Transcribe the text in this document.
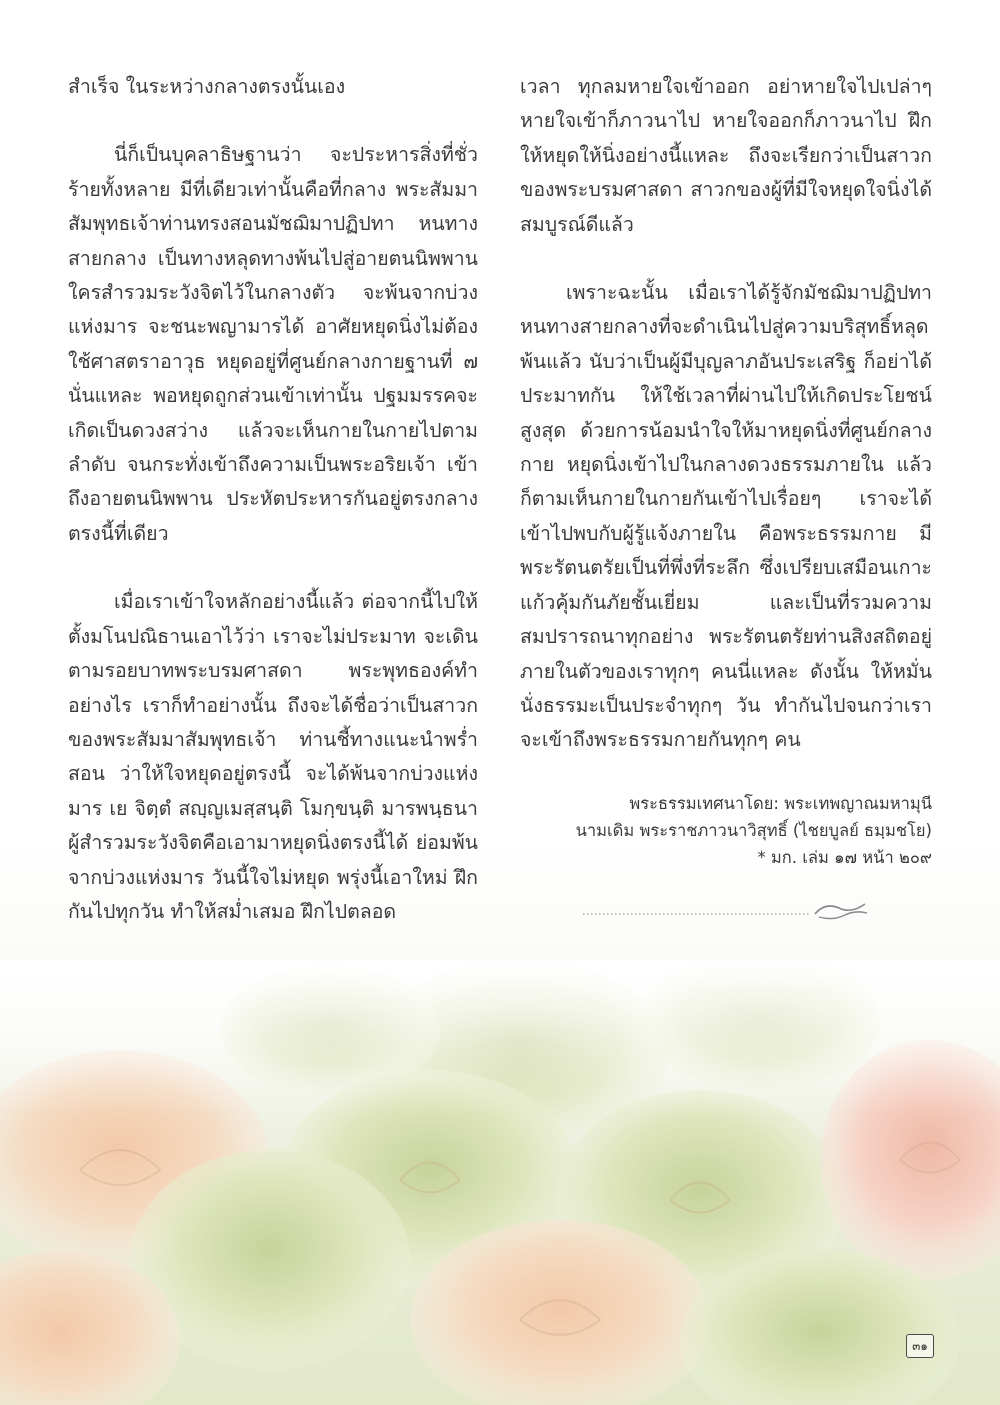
สำเร็จ ในระหว่างกลางตรงนั้นเอง

นี่ก็เป็นบุคลาธิษฐานว่า จะประหารสิ่งที่ชั่วร้ายทั้งหลาย มีที่เดียวเท่านั้นคือที่กลาง พระสัมมาสัมพุทธเจ้าท่านทรงสอนมัชฌิมาปฏิปทา หนทางสายกลาง เป็นทางหลุดทางพ้นไปสู่อายตนนิพพาน ใครสำรวมระวังจิตไว้ในกลางตัว จะพ้นจากบ่วงแห่งมาร จะชนะพญามารได้ อาศัยหยุดนิ่งไม่ต้องใช้ศาสตราอาวุธ หยุดอยู่ที่ศูนย์กลางกายฐานที่ ๗ นั่นแหละ พอหยุดถูกส่วนเข้าเท่านั้น ปฐมมรรคจะเกิดเป็นดวงสว่าง แล้วจะเห็นกายในกายไปตามลำดับ จนกระทั่งเข้าถึงความเป็นพระอริยเจ้า เข้าถึงอายตนนิพพาน ประหัตประหารกันอยู่ตรงกลางตรงนี้ที่เดียว

เมื่อเราเข้าใจหลักอย่างนี้แล้ว ต่อจากนี้ไปให้ตั้งมโนปณิธานเอาไว้ว่า เราจะไม่ประมาท จะเดินตามรอยบาทพระบรมศาสดา พระพุทธองค์ทำอย่างไร เราก็ทำอย่างนั้น ถึงจะได้ชื่อว่าเป็นสาวกของพระสัมมาสัมพุทธเจ้า ท่านชี้ทางแนะนำพร่ำสอน ว่าให้ใจหยุดอยู่ตรงนี้ จะได้พ้นจากบ่วงแห่งมาร เย จิตฺตํ สญฺญเมสฺสนฺติ โมกฺขนฺติ มารพนฺธนา ผู้สำรวมระวังจิตคือเอามาหยุดนิ่งตรงนี้ได้ ย่อมพ้นจากบ่วงแห่งมาร วันนี้ใจไม่หยุด พรุ่งนี้เอาใหม่ ฝึกกันไปทุกวัน ทำให้สม่ำเสมอ ฝึกไปตลอด

เวลา ทุกลมหายใจเข้าออก อย่าหายใจไปเปล่าๆ หายใจเข้าก็ภาวนาไป หายใจออกก็ภาวนาไป ฝึกให้หยุดให้นิ่งอย่างนี้แหละ ถึงจะเรียกว่าเป็นสาวกของพระบรมศาสดา สาวกของผู้ที่มีใจหยุดใจนิ่งได้สมบูรณ์ดีแล้ว

เพราะฉะนั้น เมื่อเราได้รู้จักมัชฌิมาปฏิปทาหนทางสายกลางที่จะดำเนินไปสู่ความบริสุทธิ์หลุดพ้นแล้ว นับว่าเป็นผู้มีบุญลาภอันประเสริฐ ก็อย่าได้ประมาทกัน ให้ใช้เวลาที่ผ่านไปให้เกิดประโยชน์สูงสุด ด้วยการน้อมนำใจให้มาหยุดนิ่งที่ศูนย์กลางกาย หยุดนิ่งเข้าไปในกลางดวงธรรมภายใน แล้วก็ตามเห็นกายในกายกันเข้าไปเรื่อยๆ เราจะได้เข้าไปพบกับผู้รู้แจ้งภายใน คือพระธรรมกาย มีพระรัตนตรัยเป็นที่พึ่งที่ระลึก ซึ่งเปรียบเสมือนเกาะแก้วคุ้มกันภัยชั้นเยี่ยม และเป็นที่รวมความสมปรารถนาทุกอย่าง พระรัตนตรัยท่านสิงสถิตอยู่ภายในตัวของเราทุกๆ คนนี่แหละ ดังนั้น ให้หมั่นนั่งธรรมะเป็นประจำทุกๆ วัน ทำกันไปจนกว่าเราจะเข้าถึงพระธรรมกายกันทุกๆ คน

พระธรรมเทศนาโดย: พระเทพญาณมหามุนี
นามเดิม พระราชภาวนาวิสุทธิ์ (ไชยบูลย์ ธมฺมชโย)
* มก. เล่ม ๑๗ หน้า ๒๐๙
๓๑
